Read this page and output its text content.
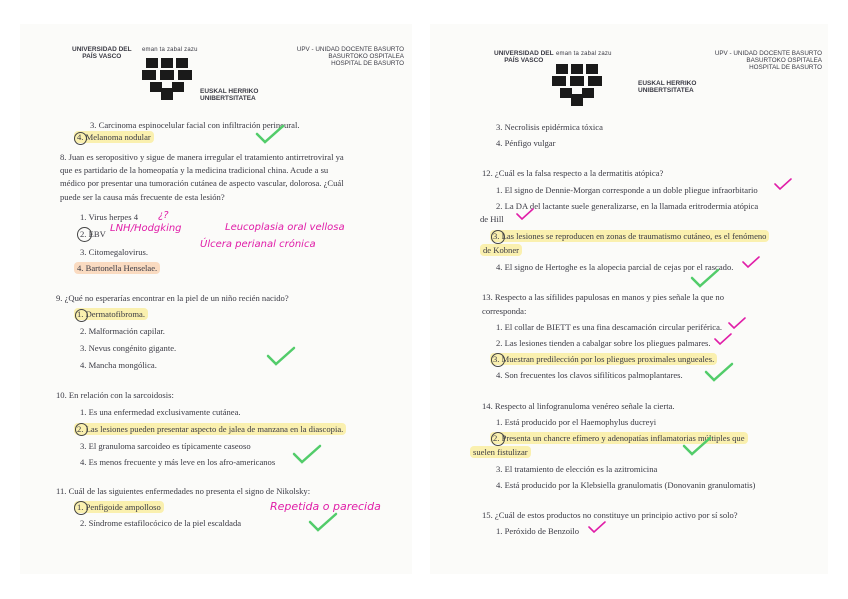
UNIVERSIDAD DEL
PAÍS VASCO
eman ta zabal zazu
EUSKAL HERRIKO
UNIBERTSITATEA
UPV - UNIDAD DOCENTE BASURTO
BASURTOKO OSPITALEA
HOSPITAL DE BASURTO
3. Carcinoma espinocelular facial con infiltración perineural.
4. Melanoma nodular
8. Juan es seropositivo y sigue de manera irregular el tratamiento antirretroviral ya
que es partidario de la homeopatía y la medicina tradicional china. Acude a su
médico por presentar una tumoración cutánea de aspecto vascular, dolorosa. ¿Cuál
puede ser la causa más frecuente de esta lesión?
1. Virus herpes 4 ¿?
2. EBV LNH/Hodgking	Leucoplasia oral vellosa
3. Citomegalovirus.
Úlcera perianal crónica
4. Bartonella Henselae.
9. ¿Qué no esperarías encontrar en la piel de un niño recién nacido?
1. Dermatofibroma.
2. Malformación capilar.
3. Nevus congénito gigante.
4. Mancha mongólica.
10. En relación con la sarcoidosis:
1. Es una enfermedad exclusivamente cutánea.
2. Las lesiones pueden presentar aspecto de jalea de manzana en la diascopia.
3. El granuloma sarcoideo es típicamente caseoso
4. Es menos frecuente y más leve en los afro-americanos
11. Cuál de las siguientes enfermedades no presenta el signo de Nikolsky:
1. Penfigoide ampolloso	Repetida o parecida
2. Síndrome estafilocócico de la piel escaldada
UNIVERSIDAD DEL
PAÍS VASCO
eman ta zabal zazu
EUSKAL HERRIKO
UNIBERTSITATEA
UPV - UNIDAD DOCENTE BASURTO
BASURTOKO OSPITALEA
HOSPITAL DE BASURTO
3. Necrolisis epidérmica tóxica
4. Pénfigo vulgar
12. ¿Cuál es la falsa respecto a la dermatitis atópica?
1. El signo de Dennie-Morgan corresponde a un doble pliegue infraorbitario
2. La DA del lactante suele generalizarse, en la llamada eritrodermia atópica
de Hill
3. Las lesiones se reproducen en zonas de traumatismo cutáneo, es el fenómeno
de Kobner
4. El signo de Hertoghe es la alopecia parcial de cejas por el rascado.
13. Respecto a las sífilides papulosas en manos y pies señale la que no
corresponda:
1. El collar de BIETT es una fina descamación circular periférica.
2. Las lesiones tienden a cabalgar sobre los pliegues palmares.
3. Muestran predilección por los pliegues proximales ungueales.
4. Son frecuentes los clavos sifilíticos palmoplantares.
14. Respecto al linfogranuloma venéreo señale la cierta.
1. Está producido por el Haemophylus ducreyi
2. Presenta un chancre efímero y adenopatías inflamatorias múltiples que
suelen fistulizar
3. El tratamiento de elección es la azitromicina
4. Está producido por la Klebsiella granulomatis (Donovanin granulomatis)
15. ¿Cuál de estos productos no constituye un principio activo por sí solo?
1. Peróxido de Benzoilo
